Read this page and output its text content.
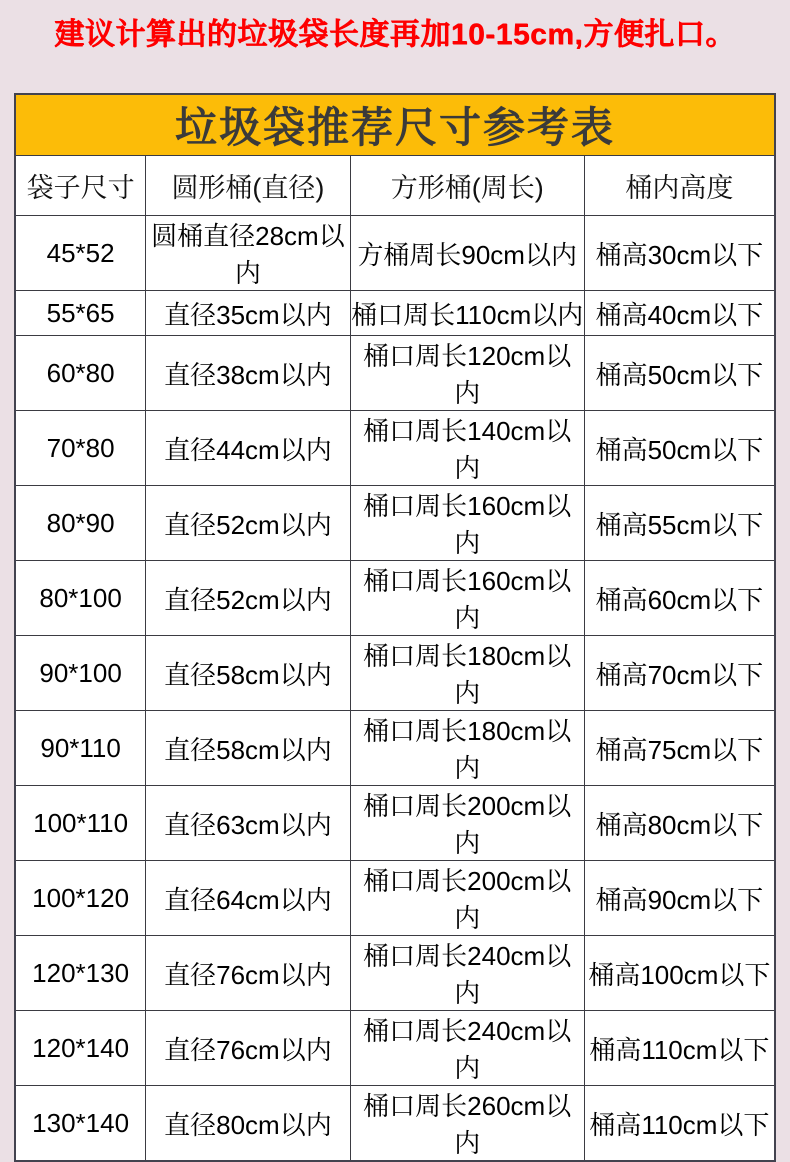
建议计算出的垃圾袋长度再加10-15cm,方便扎口。
垃圾袋推荐尺寸参考表			
袋子尺寸	圆形桶(直径)	方形桶(周长)	桶内高度
45*52	圆桶直径28cm以内	方桶周长90cm以内	桶高30cm以下
55*65	直径35cm以内	桶口周长110cm以内	桶高40cm以下
60*80	直径38cm以内	桶口周长120cm以内	桶高50cm以下
70*80	直径44cm以内	桶口周长140cm以内	桶高50cm以下
80*90	直径52cm以内	桶口周长160cm以内	桶高55cm以下
80*100	直径52cm以内	桶口周长160cm以内	桶高60cm以下
90*100	直径58cm以内	桶口周长180cm以内	桶高70cm以下
90*110	直径58cm以内	桶口周长180cm以内	桶高75cm以下
100*110	直径63cm以内	桶口周长200cm以内	桶高80cm以下
100*120	直径64cm以内	桶口周长200cm以内	桶高90cm以下
120*130	直径76cm以内	桶口周长240cm以内	桶高100cm以下
120*140	直径76cm以内	桶口周长240cm以内	桶高110cm以下
130*140	直径80cm以内	桶口周长260cm以内	桶高110cm以下
